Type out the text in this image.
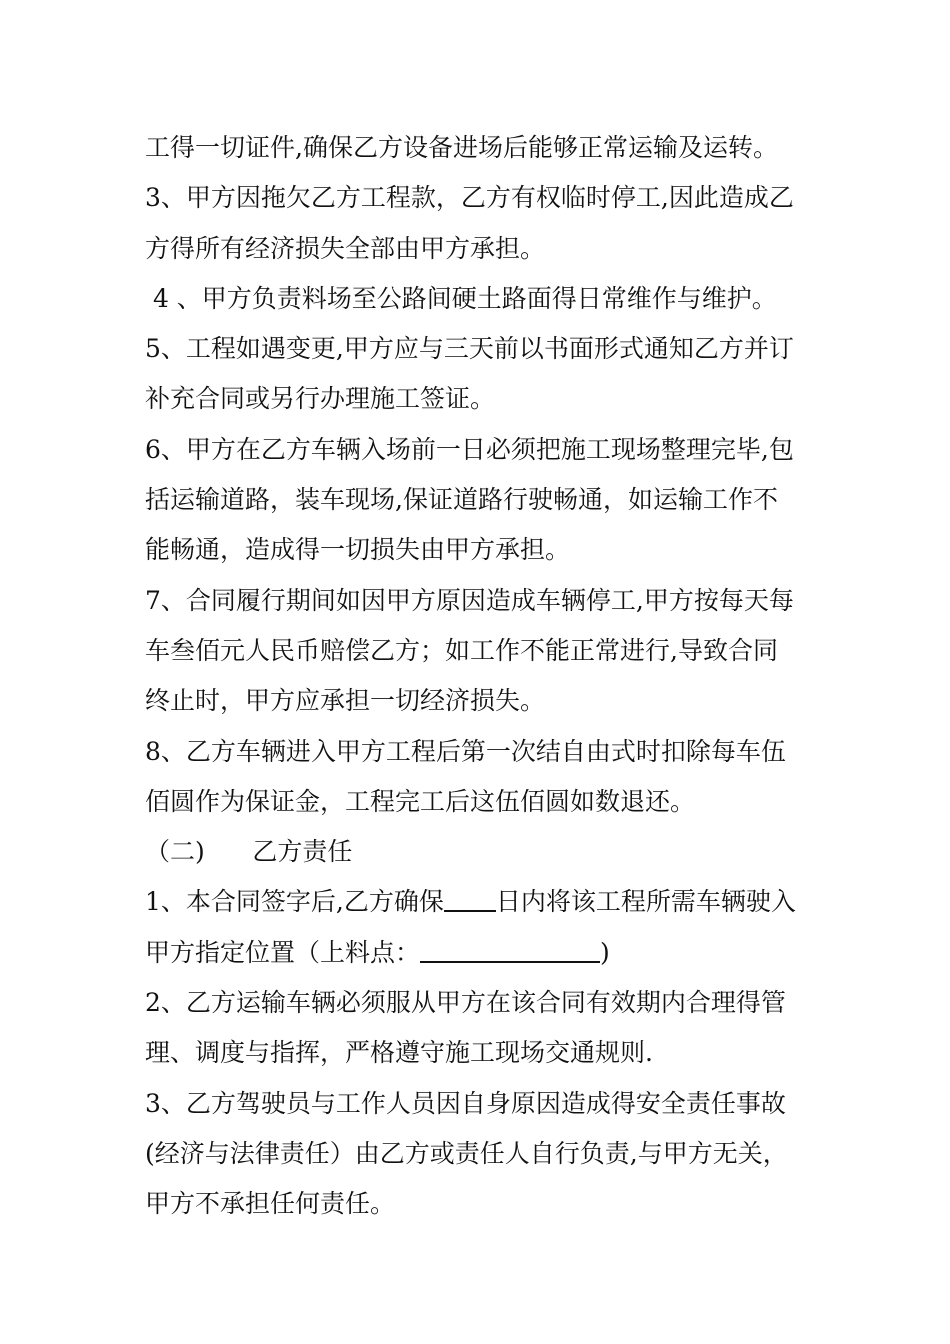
工得一切证件,确保乙方设备进场后能够正常运输及运转。

3、甲方因拖欠乙方工程款，乙方有权临时停工,因此造成乙

方得所有经济损失全部由甲方承担。

4 、甲方负责料场至公路间硬土路面得日常维作与维护。

5、工程如遇变更,甲方应与三天前以书面形式通知乙方并订

补充合同或另行办理施工签证。

6、甲方在乙方车辆入场前一日必须把施工现场整理完毕,包

括运输道路，装车现场,保证道路行驶畅通，如运输工作不

能畅通，造成得一切损失由甲方承担。

7、合同履行期间如因甲方原因造成车辆停工,甲方按每天每

车叁佰元人民币赔偿乙方；如工作不能正常进行,导致合同

终止时，甲方应承担一切经济损失。

8、乙方车辆进入甲方工程后第一次结自由式时扣除每车伍

佰圆作为保证金，工程完工后这伍佰圆如数退还。

（二)      乙方责任

1、本合同签字后,乙方确保 日内将该工程所需车辆驶入

甲方指定位置（上料点：	)

2、乙方运输车辆必须服从甲方在该合同有效期内合理得管

理、调度与指挥，严格遵守施工现场交通规则.

3、乙方驾驶员与工作人员因自身原因造成得安全责任事故

(经济与法律责任）由乙方或责任人自行负责,与甲方无关，

甲方不承担任何责任。
